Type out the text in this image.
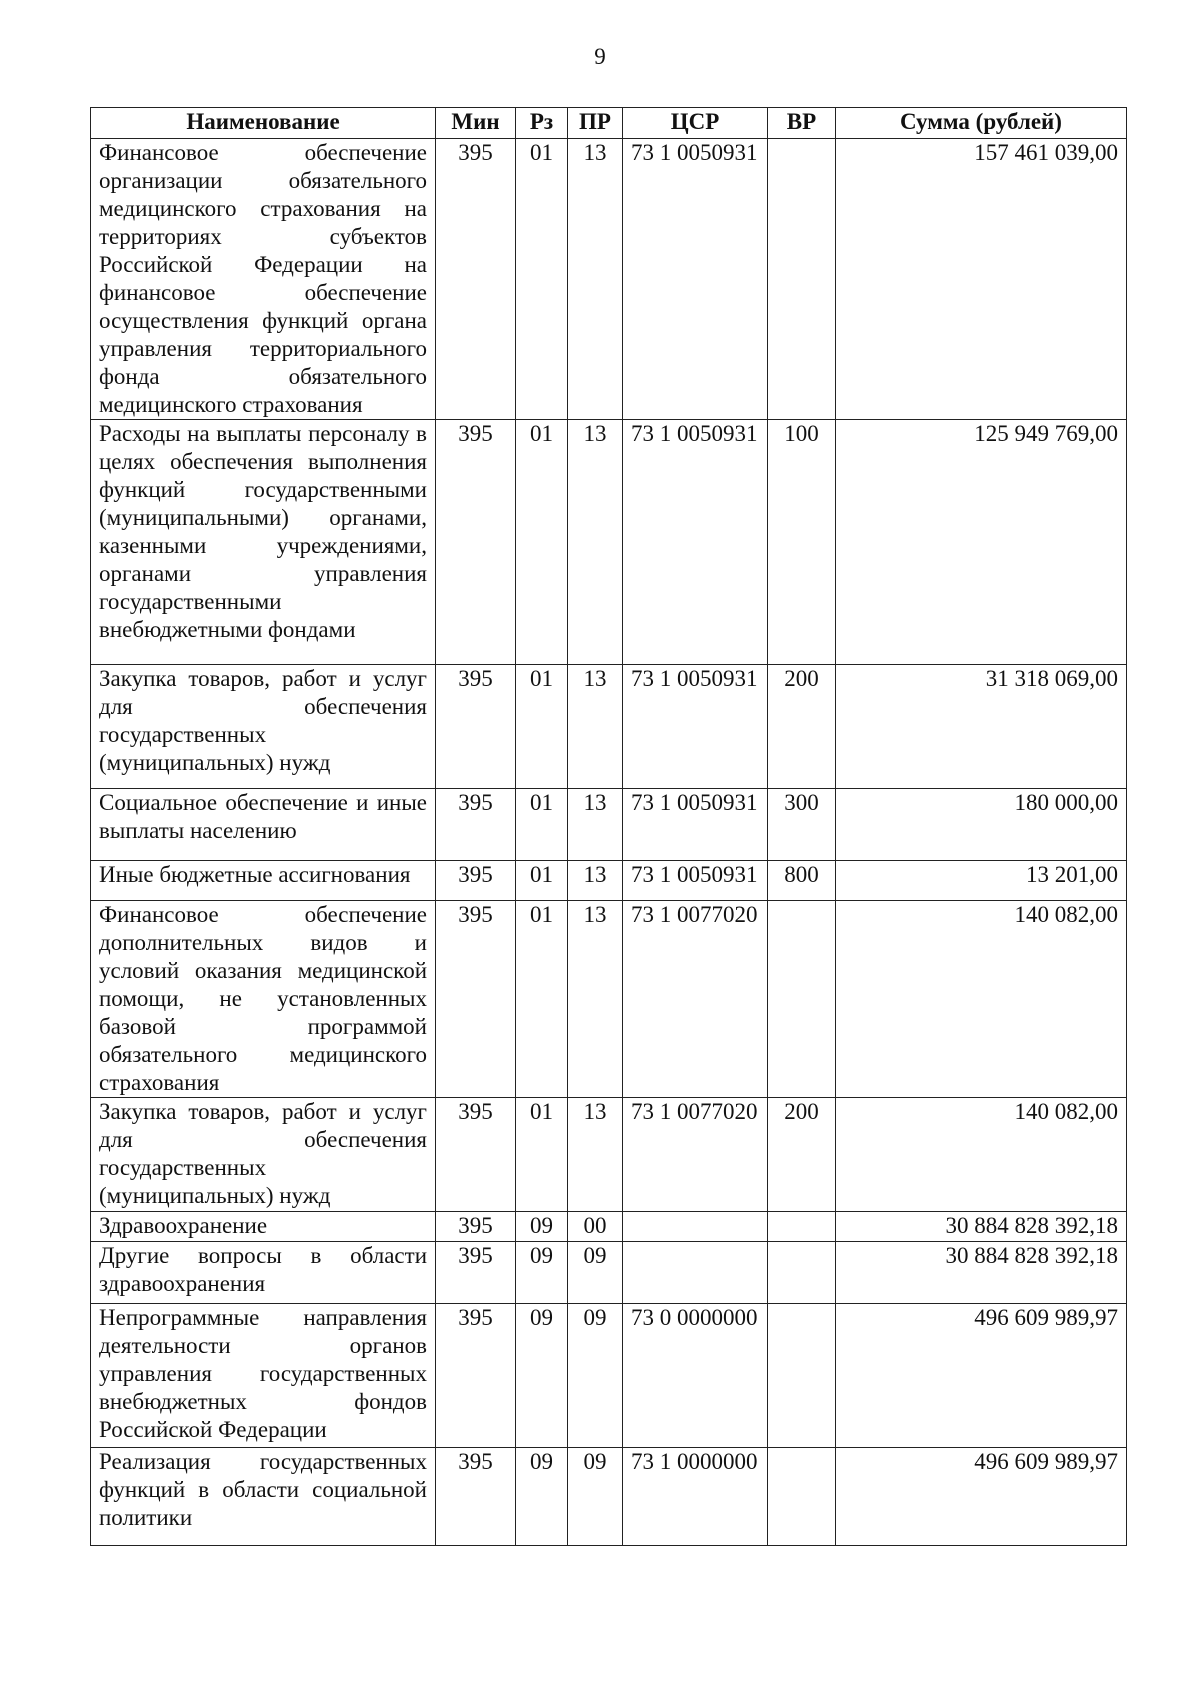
9
Наименование	Мин	Рз	ПР	ЦСР	ВР	Сумма (рублей)
Финансовое обеспечение организации обязательного медицинского страхования на территориях субъектов Российской Федерации на финансовое обеспечение осуществления функций органа управления территориального фонда обязательного медицинского страхования	395	01	13	73 1 0050931		157 461 039,00
Расходы на выплаты персоналу в целях обеспечения выполнения функций государственными (муниципальными) органами, казенными учреждениями, органами управления государственными внебюджетными фондами	395	01	13	73 1 0050931	100	125 949 769,00
Закупка товаров, работ и услуг для обеспечения государственных (муниципальных) нужд	395	01	13	73 1 0050931	200	31 318 069,00
Социальное обеспечение и иные выплаты населению	395	01	13	73 1 0050931	300	180 000,00
Иные бюджетные ассигнования	395	01	13	73 1 0050931	800	13 201,00
Финансовое обеспечение дополнительных видов и условий оказания медицинской помощи, не установленных базовой программой обязательного медицинского страхования	395	01	13	73 1 0077020		140 082,00
Закупка товаров, работ и услуг для обеспечения государственных (муниципальных) нужд	395	01	13	73 1 0077020	200	140 082,00
Здравоохранение	395	09	00			30 884 828 392,18
Другие вопросы в области здравоохранения	395	09	09			30 884 828 392,18
Непрограммные направления деятельности органов управления государственных внебюджетных фондов Российской Федерации	395	09	09	73 0 0000000		496 609 989,97
Реализация государственных функций в области социальной политики	395	09	09	73 1 0000000		496 609 989,97
